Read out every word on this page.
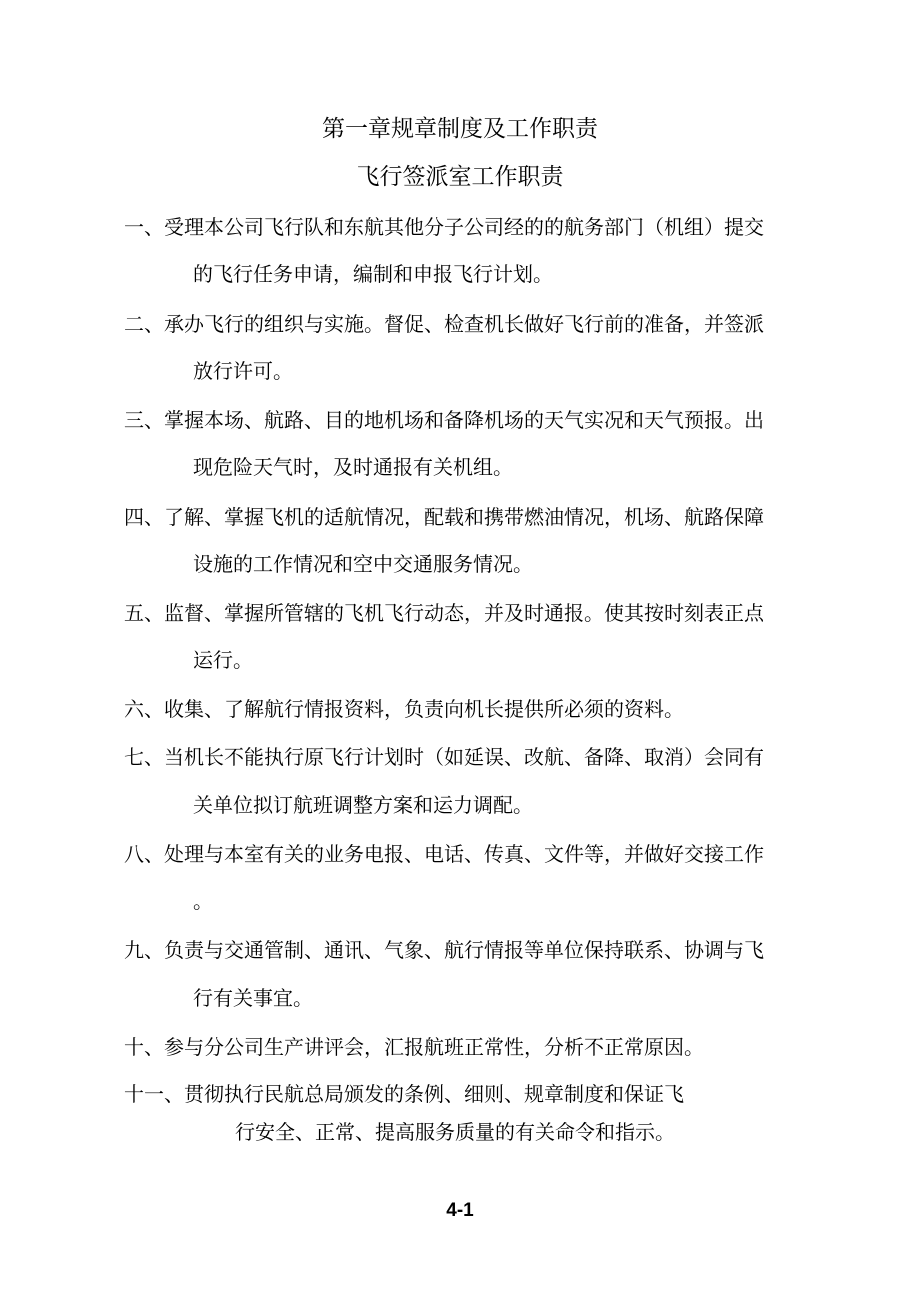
第一章规章制度及工作职责
飞行签派室工作职责
一、受理本公司飞行队和东航其他分子公司经的的航务部门（机组）提交
的飞行任务申请，编制和申报飞行计划。
二、承办飞行的组织与实施。督促、检查机长做好飞行前的准备，并签派
放行许可。
三、掌握本场、航路、目的地机场和备降机场的天气实况和天气预报。出
现危险天气时，及时通报有关机组。
四、了解、掌握飞机的适航情况，配载和携带燃油情况，机场、航路保障
设施的工作情况和空中交通服务情况。
五、监督、掌握所管辖的飞机飞行动态，并及时通报。使其按时刻表正点
运行。
六、收集、了解航行情报资料，负责向机长提供所必须的资料。
七、当机长不能执行原飞行计划时（如延误、改航、备降、取消）会同有
关单位拟订航班调整方案和运力调配。
八、处理与本室有关的业务电报、电话、传真、文件等，并做好交接工作
。
九、负责与交通管制、通讯、气象、航行情报等单位保持联系、协调与飞
行有关事宜。
十、参与分公司生产讲评会，汇报航班正常性，分析不正常原因。
十一、贯彻执行民航总局颁发的条例、细则、规章制度和保证飞
行安全、正常、提高服务质量的有关命令和指示。
4-1
